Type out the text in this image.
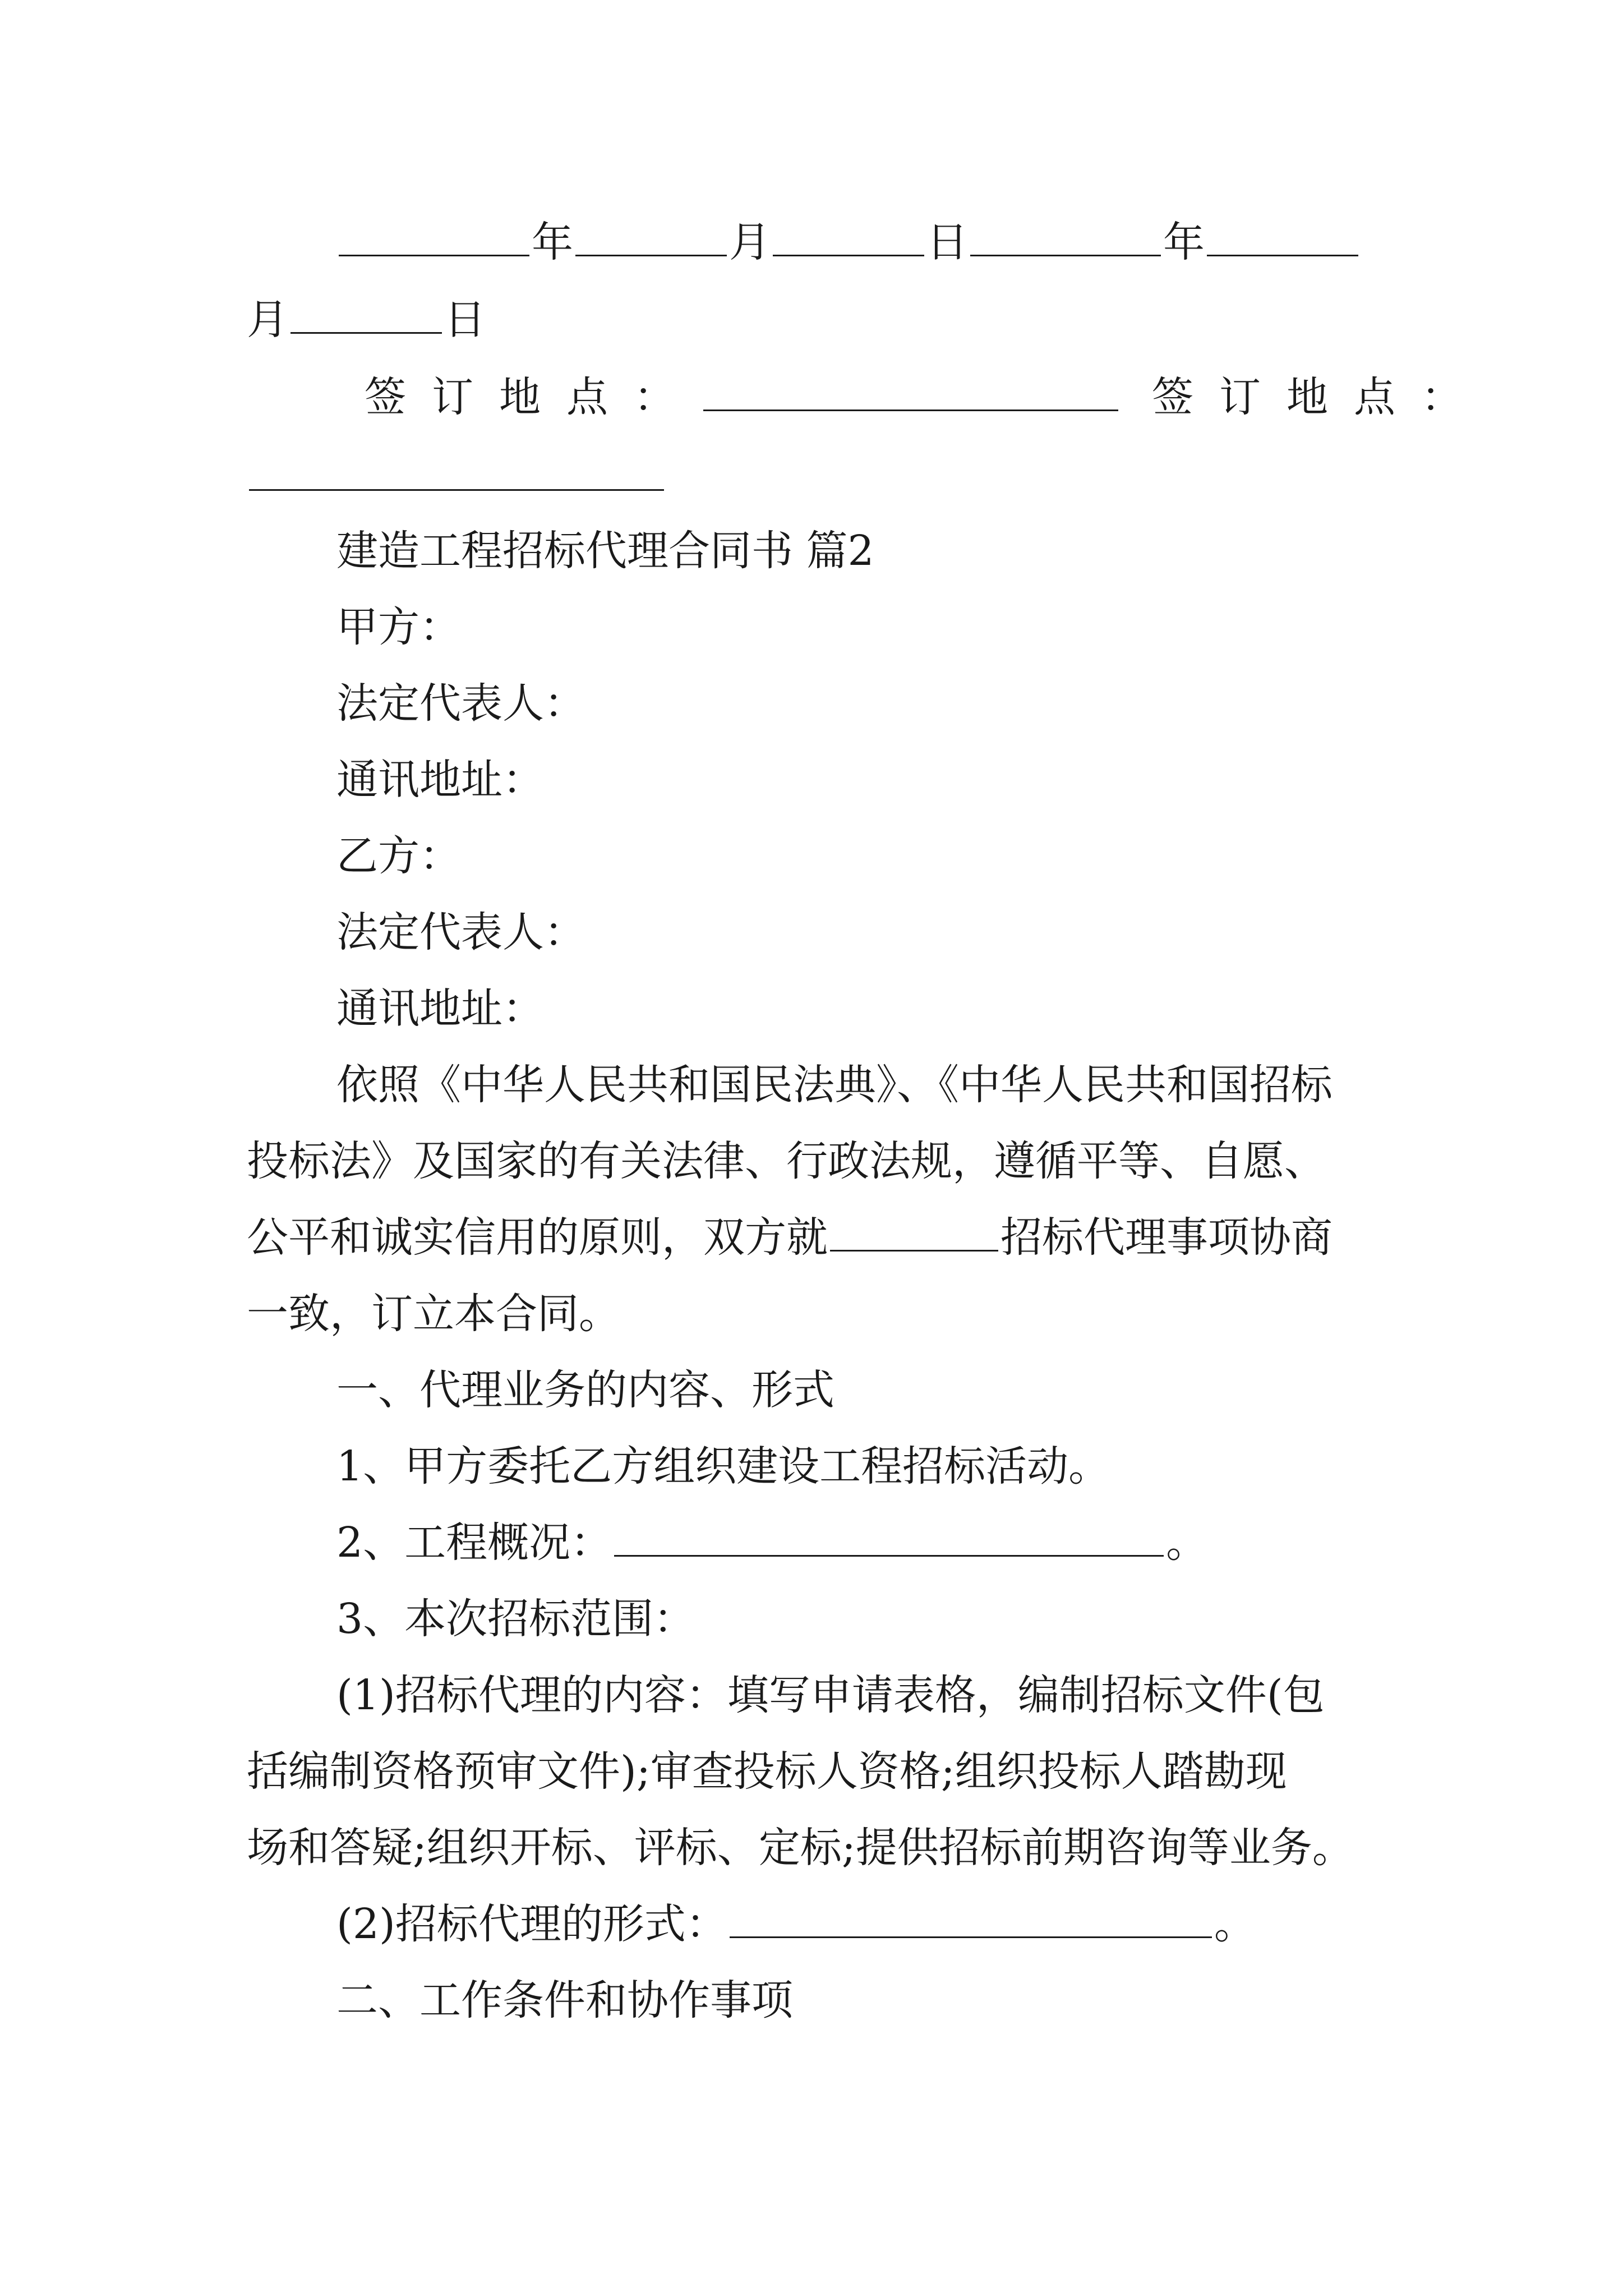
年	月	日	年
月	日
签订地点：	签订地点：
建造工程招标代理合同书 篇2
甲方：
法定代表人：
通讯地址：
乙方：
法定代表人：
通讯地址：
依照《中华人民共和国民法典》、《中华人民共和国招标
投标法》及国家的有关法律、行政法规，遵循平等、自愿、
公平和诚实信用的原则，双方就	招标代理事项协商
一致，订立本合同。
一、代理业务的内容、形式
1、甲方委托乙方组织建设工程招标活动。
2、工程概况：	。
3、本次招标范围：
(1)招标代理的内容：填写申请表格，编制招标文件(包
括编制资格预审文件);审查投标人资格;组织投标人踏勘现
场和答疑;组织开标、评标、定标;提供招标前期咨询等业务。
(2)招标代理的形式：	。
二、工作条件和协作事项
